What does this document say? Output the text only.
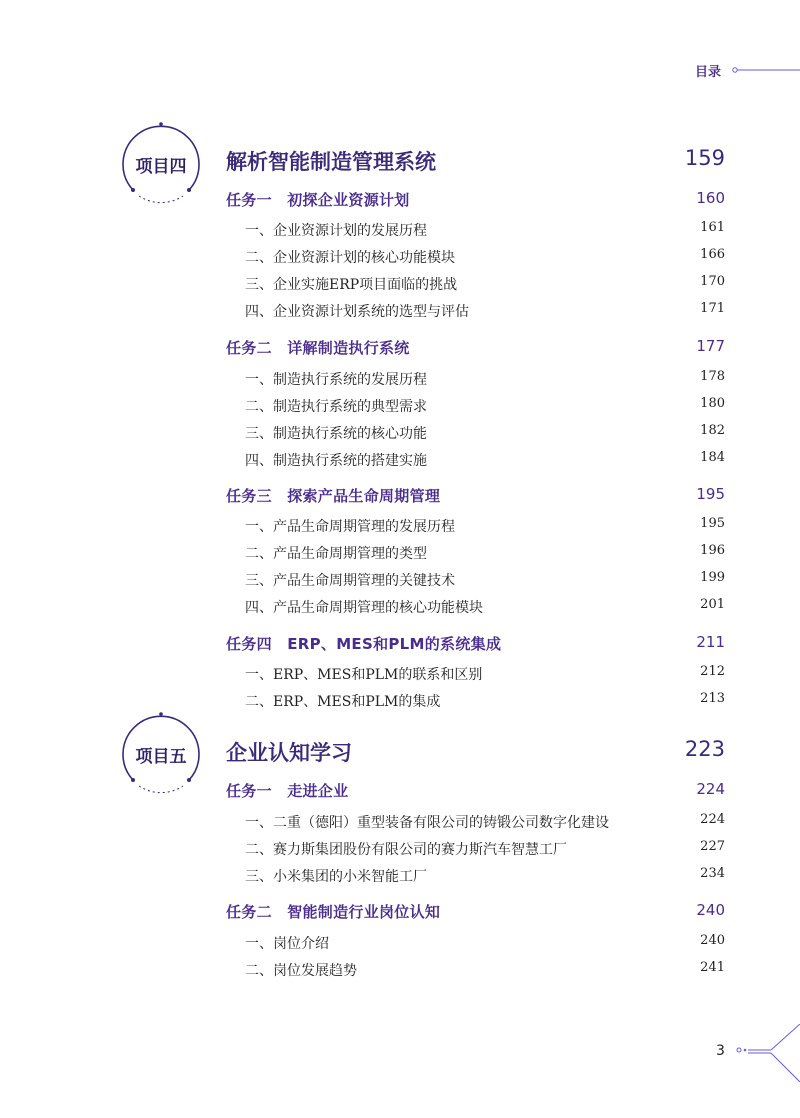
目录
项目四
项目五
解析智能制造管理系统	159
任务一　初探企业资源计划	160
一、企业资源计划的发展历程	161
二、企业资源计划的核心功能模块	166
三、企业实施ERP项目面临的挑战	170
四、企业资源计划系统的选型与评估	171
任务二　详解制造执行系统	177
一、制造执行系统的发展历程	178
二、制造执行系统的典型需求	180
三、制造执行系统的核心功能	182
四、制造执行系统的搭建实施	184
任务三　探索产品生命周期管理	195
一、产品生命周期管理的发展历程	195
二、产品生命周期管理的类型	196
三、产品生命周期管理的关键技术	199
四、产品生命周期管理的核心功能模块	201
任务四　ERP、MES和PLM的系统集成	211
一、ERP、MES和PLM的联系和区别	212
二、ERP、MES和PLM的集成	213
企业认知学习	223
任务一　走进企业	224
一、二重（德阳）重型装备有限公司的铸锻公司数字化建设	224
二、赛力斯集团股份有限公司的赛力斯汽车智慧工厂	227
三、小米集团的小米智能工厂	234
任务二　智能制造行业岗位认知	240
一、岗位介绍	240
二、岗位发展趋势	241
3
